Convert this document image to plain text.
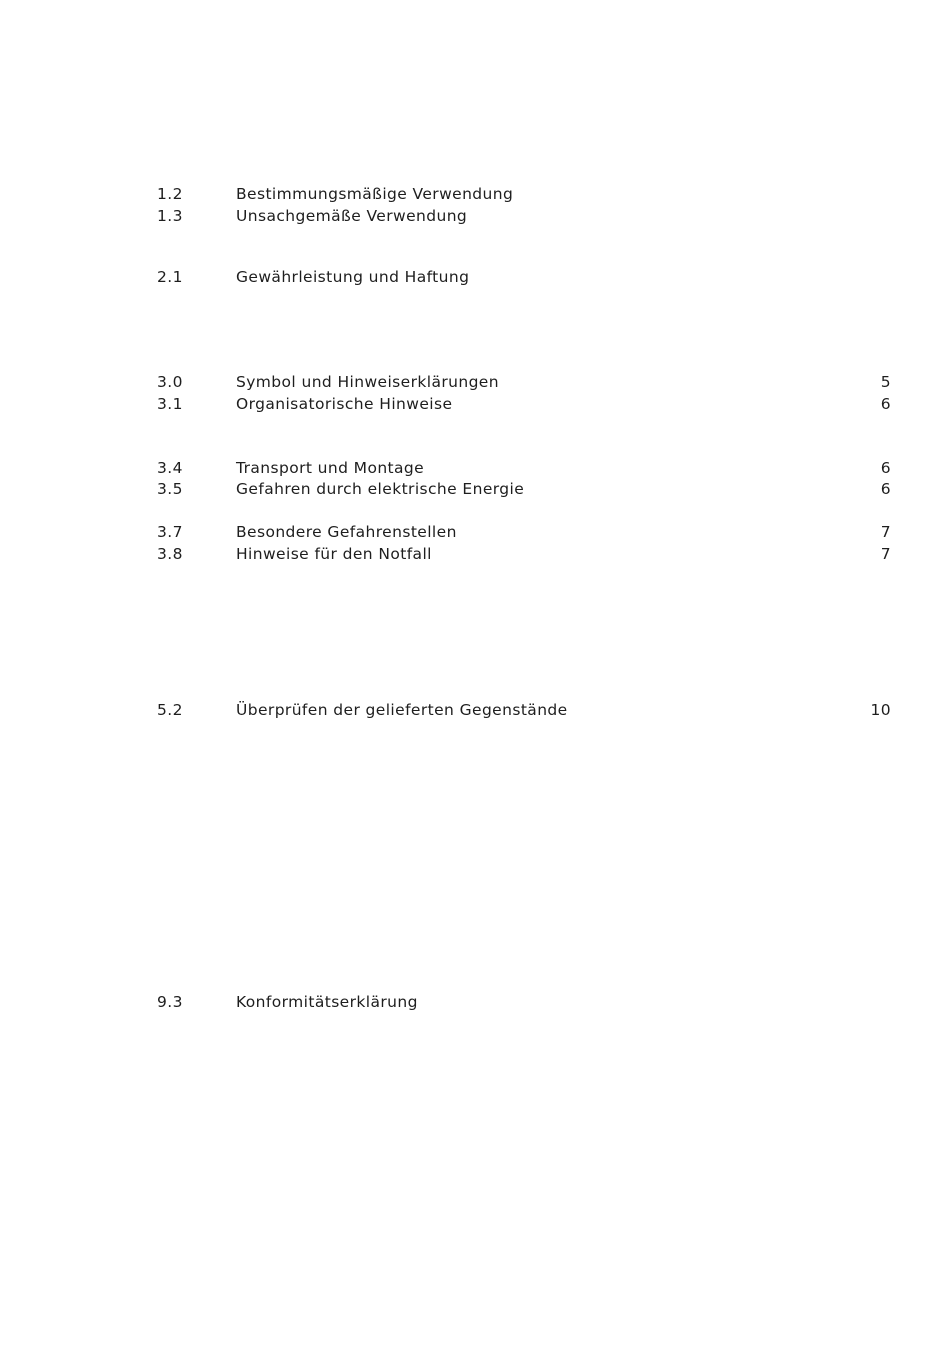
1.2	Bestimmungsmäßige Verwendung
1.3	Unsachgemäße Verwendung
2.1	Gewährleistung und Haftung
3.0	Symbol und Hinweiserklärungen	5
3.1	Organisatorische Hinweise	6
3.4	Transport und Montage	6
3.5	Gefahren durch elektrische Energie	6
3.7	Besondere Gefahrenstellen	7
3.8	Hinweise für den Notfall	7
5.2	Überprüfen der gelieferten Gegenstände	10
9.3	Konformitätserklärung
